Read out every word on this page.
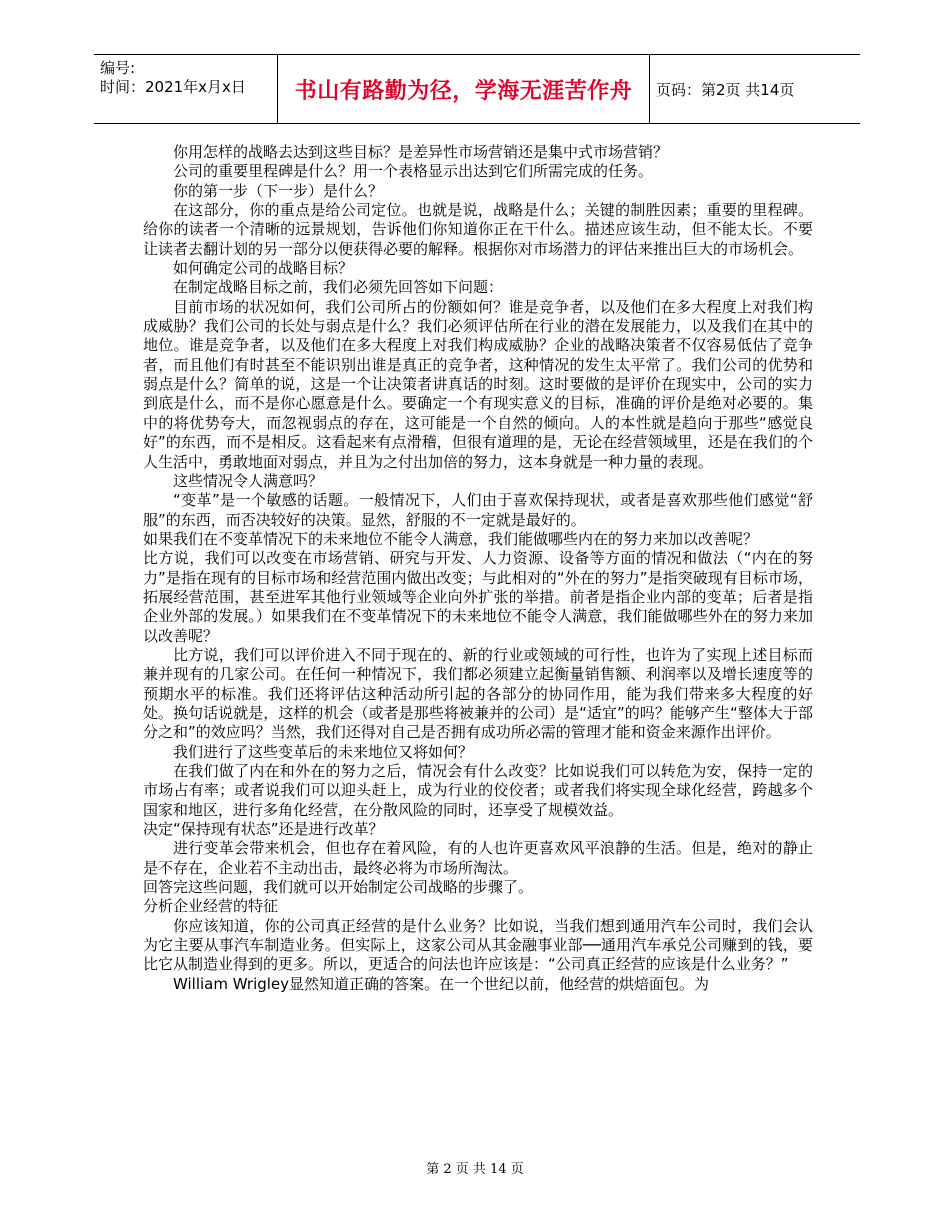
编号:
时间：2021年x月x日	书山有路勤为径，学海无涯苦作舟	页码：第2页 共14页

你用怎样的战略去达到这些目标？是差异性市场营销还是集中式市场营销？

公司的重要里程碑是什么？用一个表格显示出达到它们所需完成的任务。

你的第一步（下一步）是什么？

在这部分，你的重点是给公司定位。也就是说，战略是什么；关键的制胜因素；重要的里程碑。给你的读者一个清晰的远景规划，告诉他们你知道你正在干什么。描述应该生动，但不能太长。不要让读者去翻计划的另一部分以便获得必要的解释。根据你对市场潜力的评估来推出巨大的市场机会。

如何确定公司的战略目标？

在制定战略目标之前，我们必须先回答如下问题：

目前市场的状况如何，我们公司所占的份额如何？谁是竞争者，以及他们在多大程度上对我们构成威胁？我们公司的长处与弱点是什么？我们必须评估所在行业的潜在发展能力，以及我们在其中的地位。谁是竞争者，以及他们在多大程度上对我们构成威胁？企业的战略决策者不仅容易低估了竞争者，而且他们有时甚至不能识别出谁是真正的竞争者，这种情况的发生太平常了。我们公司的优势和弱点是什么？简单的说，这是一个让决策者讲真话的时刻。这时要做的是评价在现实中，公司的实力到底是什么，而不是你心愿意是什么。要确定一个有现实意义的目标，准确的评价是绝对必要的。集中的将优势夸大，而忽视弱点的存在，这可能是一个自然的倾向。人的本性就是趋向于那些“感觉良好”的东西，而不是相反。这看起来有点滑稽，但很有道理的是，无论在经营领域里，还是在我们的个人生活中，勇敢地面对弱点，并且为之付出加倍的努力，这本身就是一种力量的表现。

这些情况令人满意吗？

“变革”是一个敏感的话题。一般情况下，人们由于喜欢保持现状，或者是喜欢那些他们感觉“舒服”的东西，而否决较好的决策。显然，舒服的不一定就是最好的。

如果我们在不变革情况下的未来地位不能令人满意，我们能做哪些内在的努力来加以改善呢？

比方说，我们可以改变在市场营销、研究与开发、人力资源、设备等方面的情况和做法（“内在的努力”是指在现有的目标市场和经营范围内做出改变；与此相对的“外在的努力”是指突破现有目标市场，拓展经营范围，甚至进军其他行业领域等企业向外扩张的举措。前者是指企业内部的变革；后者是指企业外部的发展。）如果我们在不变革情况下的未来地位不能令人满意，我们能做哪些外在的努力来加以改善呢？

比方说，我们可以评价进入不同于现在的、新的行业或领域的可行性，也许为了实现上述目标而兼并现有的几家公司。在任何一种情况下，我们都必须建立起衡量销售额、利润率以及增长速度等的预期水平的标准。我们还将评估这种活动所引起的各部分的协同作用，能为我们带来多大程度的好处。换句话说就是，这样的机会（或者是那些将被兼并的公司）是“适宜”的吗？能够产生“整体大于部分之和”的效应吗？当然，我们还得对自己是否拥有成功所必需的管理才能和资金来源作出评价。

我们进行了这些变革后的未来地位又将如何？

在我们做了内在和外在的努力之后，情况会有什么改变？比如说我们可以转危为安，保持一定的市场占有率；或者说我们可以迎头赶上，成为行业的佼佼者；或者我们将实现全球化经营，跨越多个国家和地区，进行多角化经营，在分散风险的同时，还享受了规模效益。

决定“保持现有状态”还是进行改革？

进行变革会带来机会，但也存在着风险，有的人也许更喜欢风平浪静的生活。但是，绝对的静止是不存在，企业若不主动出击，最终必将为市场所淘汰。

回答完这些问题，我们就可以开始制定公司战略的步骤了。

分析企业经营的特征

你应该知道，你的公司真正经营的是什么业务？比如说，当我们想到通用汽车公司时，我们会认为它主要从事汽车制造业务。但实际上，这家公司从其金融事业部──通用汽车承兑公司赚到的钱，要比它从制造业得到的更多。所以，更适合的问法也许应该是：“公司真正经营的应该是什么业务？”

William Wrigley显然知道正确的答案。在一个世纪以前，他经营的烘焙面包。为

第 2 页 共 14 页
